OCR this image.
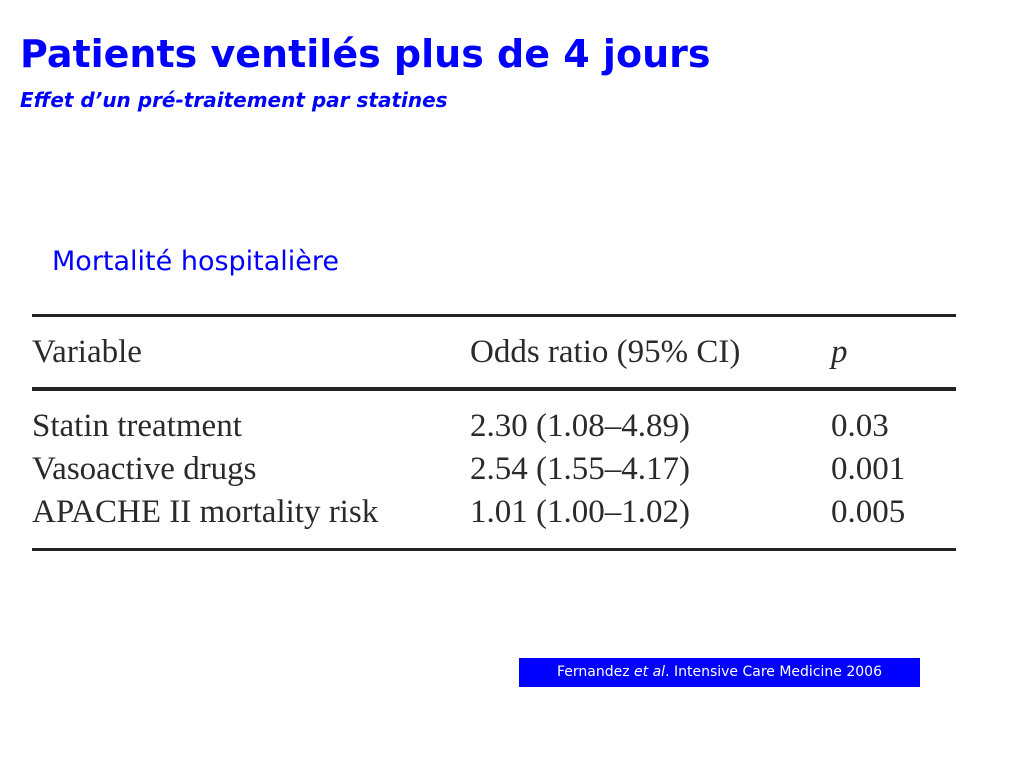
Patients ventilés plus de 4 jours
Effet d’un pré-traitement par statines
Mortalité hospitalière
Variable	Odds ratio (95% CI)	p
Statin treatment	2.30 (1.08–4.89)	0.03
Vasoactive drugs	2.54 (1.55–4.17)	0.001
APACHE II mortality risk	1.01 (1.00–1.02)	0.005
Fernandez et al. Intensive Care Medicine 2006
